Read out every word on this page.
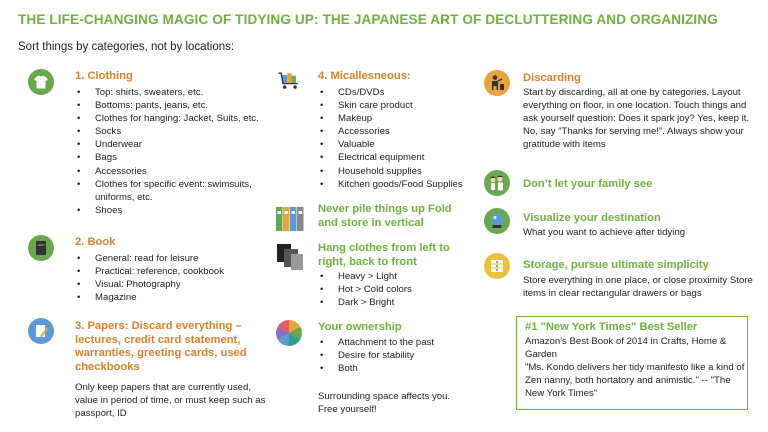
THE LIFE-CHANGING MAGIC OF TIDYING UP: THE JAPANESE ART OF DECLUTTERING AND ORGANIZING
Sort things by categories, not by locations:
1. Clothing
• Top: shirts, sweaters, etc.
• Bottoms: pants, jeans, etc.
• Clothes for hanging: Jacket, Suits, etc.
• Socks
• Underwear
• Bags
• Accessories
• Clothes for specific event: swimsuits, uniforms, etc.
• Shoes
2. Book
• General: read for leisure
• Practical: reference, cookbook
• Visual: Photography
• Magazine
3. Papers: Discard everything – lectures, credit card statement, warranties, greeting cards, used checkbooks
Only keep papers that are currently used, value in period of time, or must keep such as passport, ID
4. Micallesneous:
• CDs/DVDs
• Skin care product
• Makeup
• Accessories
• Valuable
• Electrical equipment
• Household supplies
• Kitchen goods/Food Supplies
Never pile things up Fold and store in vertical
Hang clothes from left to right, back to front
• Heavy > Light
• Hot > Cold colors
• Dark > Bright
Your ownership
• Attachment to the past
• Desire for stability
• Both
Surrounding space affects you. Free yourself!
Discarding
Start by discarding, all at one by categories. Layout everything on floor, in one location. Touch things and ask yourself question: Does it spark joy? Yes, keep it. No, say “Thanks for serving me!”. Always show your gratitude with items
Don’t let your family see
Visualize your destination
What you want to achieve after tidying
Storage, pursue ultimate simplicity
Store everything in one place, or close proximity Store items in clear rectangular drawers or bags
#1 "New York Times" Best Seller
Amazon's Best Book of 2014 in Crafts, Home & Garden
"Ms. Kondo delivers her tidy manifesto like a kind of Zen nanny, both hortatory and animistic." -- "The New York Times"
